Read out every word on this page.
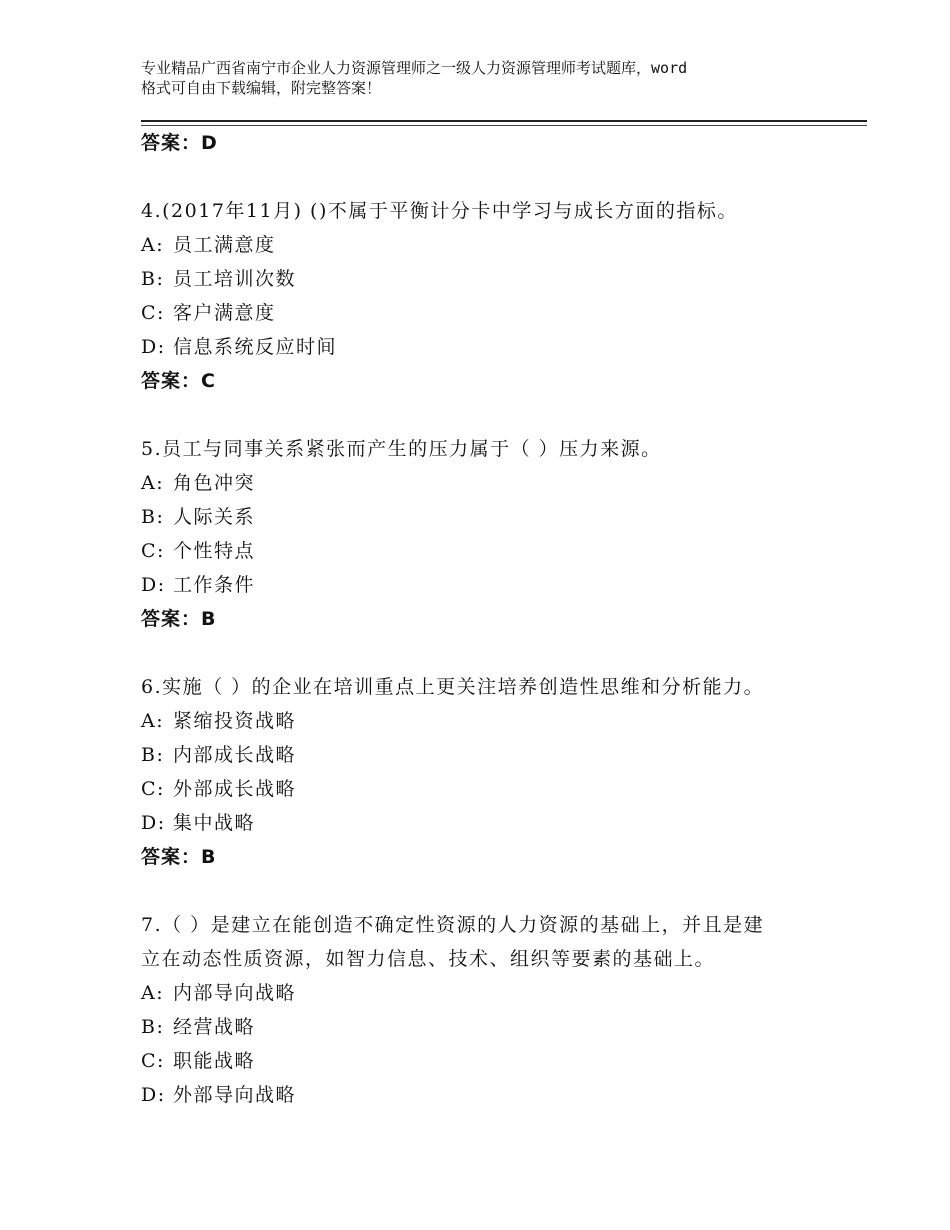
专业精品广西省南宁市企业人力资源管理师之一级人力资源管理师考试题库，word
格式可自由下载编辑，附完整答案！
答案：D
4.(2017年11月) ()不属于平衡计分卡中学习与成长方面的指标。
A: 员工满意度
B: 员工培训次数
C: 客户满意度
D: 信息系统反应时间
答案：C
5.员工与同事关系紧张而产生的压力属于（ ）压力来源。
A: 角色冲突
B: 人际关系
C: 个性特点
D: 工作条件
答案：B
6.实施（ ）的企业在培训重点上更关注培养创造性思维和分析能力。
A: 紧缩投资战略
B: 内部成长战略
C: 外部成长战略
D: 集中战略
答案：B
7.（ ）是建立在能创造不确定性资源的人力资源的基础上，并且是建
立在动态性质资源，如智力信息、技术、组织等要素的基础上。
A: 内部导向战略
B: 经营战略
C: 职能战略
D: 外部导向战略
